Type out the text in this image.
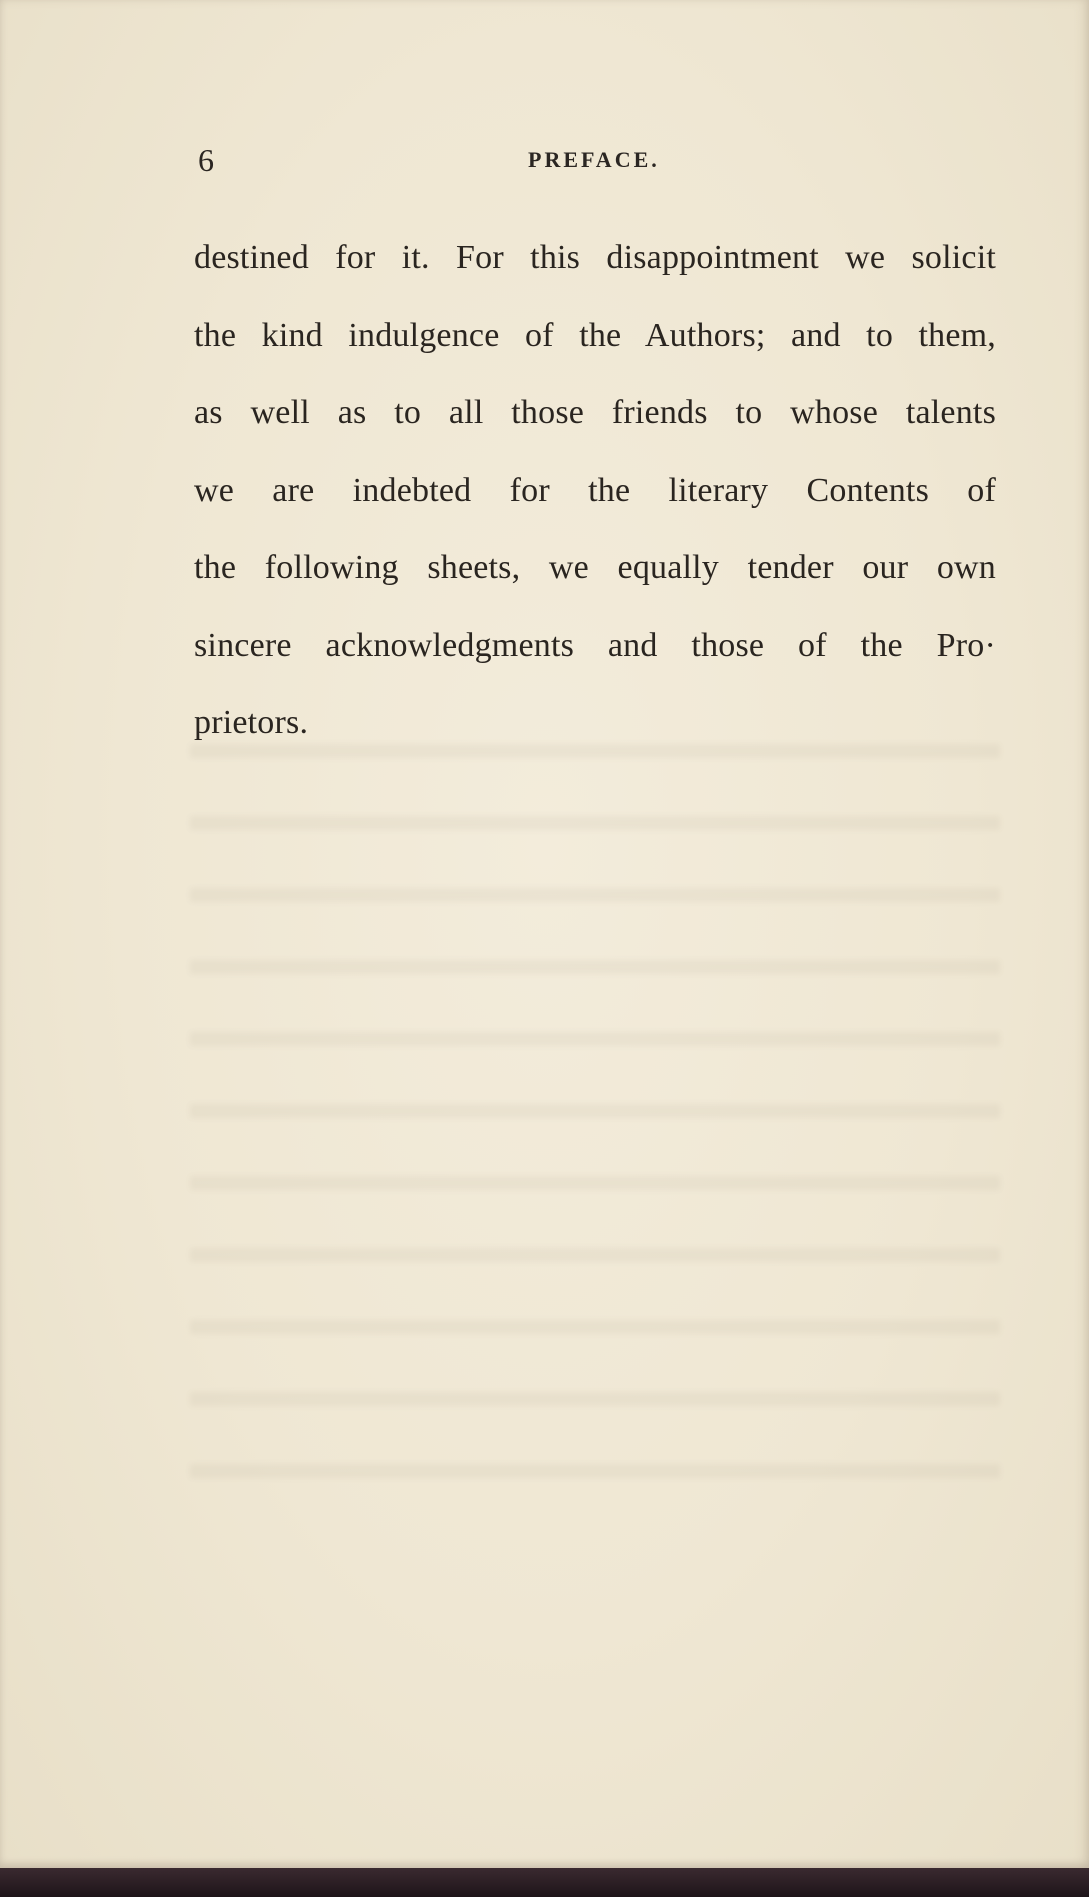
6	PREFACE.
destined for it. For this disappointment we solicit
the kind indulgence of the Authors; and to them,
as well as to all those friends to whose talents
we are indebted for the literary Contents of
the following sheets, we equally tender our own
sincere acknowledgments and those of the Pro·
prietors.
